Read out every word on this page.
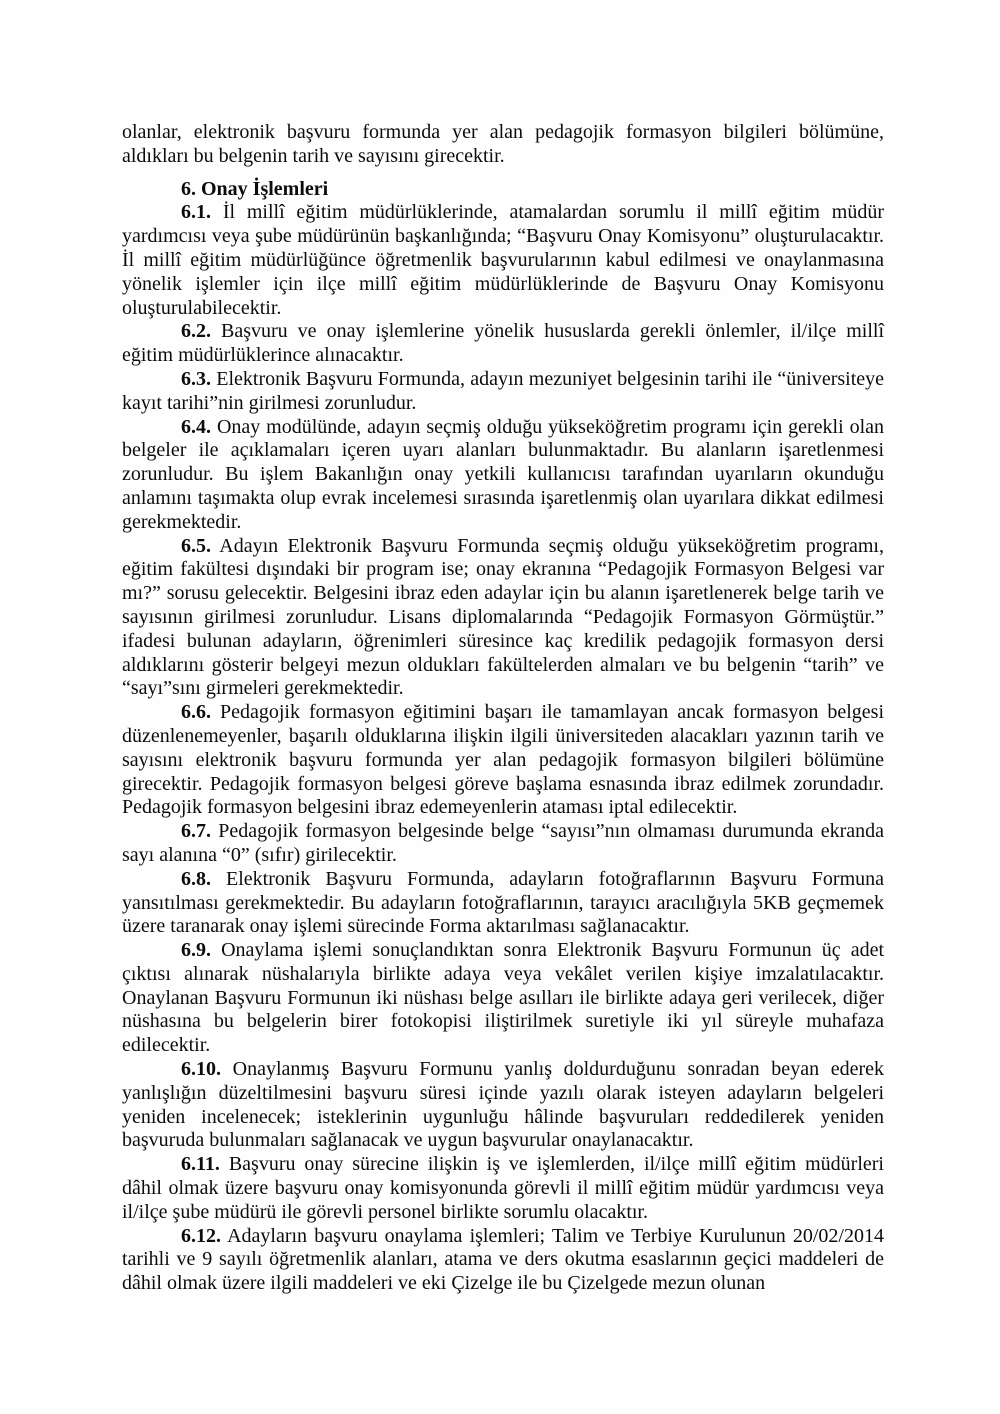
olanlar, elektronik başvuru formunda yer alan pedagojik formasyon bilgileri bölümüne, aldıkları bu belgenin tarih ve sayısını girecektir.

6. Onay İşlemleri

6.1. İl millî eğitim müdürlüklerinde, atamalardan sorumlu il millî eğitim müdür yardımcısı veya şube müdürünün başkanlığında; “Başvuru Onay Komisyonu” oluşturulacaktır. İl millî eğitim müdürlüğünce öğretmenlik başvurularının kabul edilmesi ve onaylanmasına yönelik işlemler için ilçe millî eğitim müdürlüklerinde de Başvuru Onay Komisyonu oluşturulabilecektir.

6.2. Başvuru ve onay işlemlerine yönelik hususlarda gerekli önlemler, il/ilçe millî eğitim müdürlüklerince alınacaktır.

6.3. Elektronik Başvuru Formunda, adayın mezuniyet belgesinin tarihi ile “üniversiteye kayıt tarihi”nin girilmesi zorunludur.

6.4. Onay modülünde, adayın seçmiş olduğu yükseköğretim programı için gerekli olan belgeler ile açıklamaları içeren uyarı alanları bulunmaktadır. Bu alanların işaretlenmesi zorunludur. Bu işlem Bakanlığın onay yetkili kullanıcısı tarafından uyarıların okunduğu anlamını taşımakta olup evrak incelemesi sırasında işaretlenmiş olan uyarılara dikkat edilmesi gerekmektedir.

6.5. Adayın Elektronik Başvuru Formunda seçmiş olduğu yükseköğretim programı, eğitim fakültesi dışındaki bir program ise; onay ekranına “Pedagojik Formasyon Belgesi var mı?” sorusu gelecektir. Belgesini ibraz eden adaylar için bu alanın işaretlenerek belge tarih ve sayısının girilmesi zorunludur. Lisans diplomalarında “Pedagojik Formasyon Görmüştür.” ifadesi bulunan adayların, öğrenimleri süresince kaç kredilik pedagojik formasyon dersi aldıklarını gösterir belgeyi mezun oldukları fakültelerden almaları ve bu belgenin “tarih” ve “sayı”sını girmeleri gerekmektedir.

6.6. Pedagojik formasyon eğitimini başarı ile tamamlayan ancak formasyon belgesi düzenlenemeyenler, başarılı olduklarına ilişkin ilgili üniversiteden alacakları yazının tarih ve sayısını elektronik başvuru formunda yer alan pedagojik formasyon bilgileri bölümüne girecektir. Pedagojik formasyon belgesi göreve başlama esnasında ibraz edilmek zorundadır. Pedagojik formasyon belgesini ibraz edemeyenlerin ataması iptal edilecektir.

6.7. Pedagojik formasyon belgesinde belge “sayısı”nın olmaması durumunda ekranda sayı alanına “0” (sıfır) girilecektir.

6.8. Elektronik Başvuru Formunda, adayların fotoğraflarının Başvuru Formuna yansıtılması gerekmektedir. Bu adayların fotoğraflarının, tarayıcı aracılığıyla 5KB geçmemek üzere taranarak onay işlemi sürecinde Forma aktarılması sağlanacaktır.

6.9. Onaylama işlemi sonuçlandıktan sonra Elektronik Başvuru Formunun üç adet çıktısı alınarak nüshalarıyla birlikte adaya veya vekâlet verilen kişiye imzalatılacaktır. Onaylanan Başvuru Formunun iki nüshası belge asılları ile birlikte adaya geri verilecek, diğer nüshasına bu belgelerin birer fotokopisi iliştirilmek suretiyle iki yıl süreyle muhafaza edilecektir.

6.10. Onaylanmış Başvuru Formunu yanlış doldurduğunu sonradan beyan ederek yanlışlığın düzeltilmesini başvuru süresi içinde yazılı olarak isteyen adayların belgeleri yeniden incelenecek; isteklerinin uygunluğu hâlinde başvuruları reddedilerek yeniden başvuruda bulunmaları sağlanacak ve uygun başvurular onaylanacaktır.

6.11. Başvuru onay sürecine ilişkin iş ve işlemlerden, il/ilçe millî eğitim müdürleri dâhil olmak üzere başvuru onay komisyonunda görevli il millî eğitim müdür yardımcısı veya il/ilçe şube müdürü ile görevli personel birlikte sorumlu olacaktır.

6.12. Adayların başvuru onaylama işlemleri; Talim ve Terbiye Kurulunun 20/02/2014 tarihli ve 9 sayılı öğretmenlik alanları, atama ve ders okutma esaslarının geçici maddeleri de dâhil olmak üzere ilgili maddeleri ve eki Çizelge ile bu Çizelgede mezun olunan
